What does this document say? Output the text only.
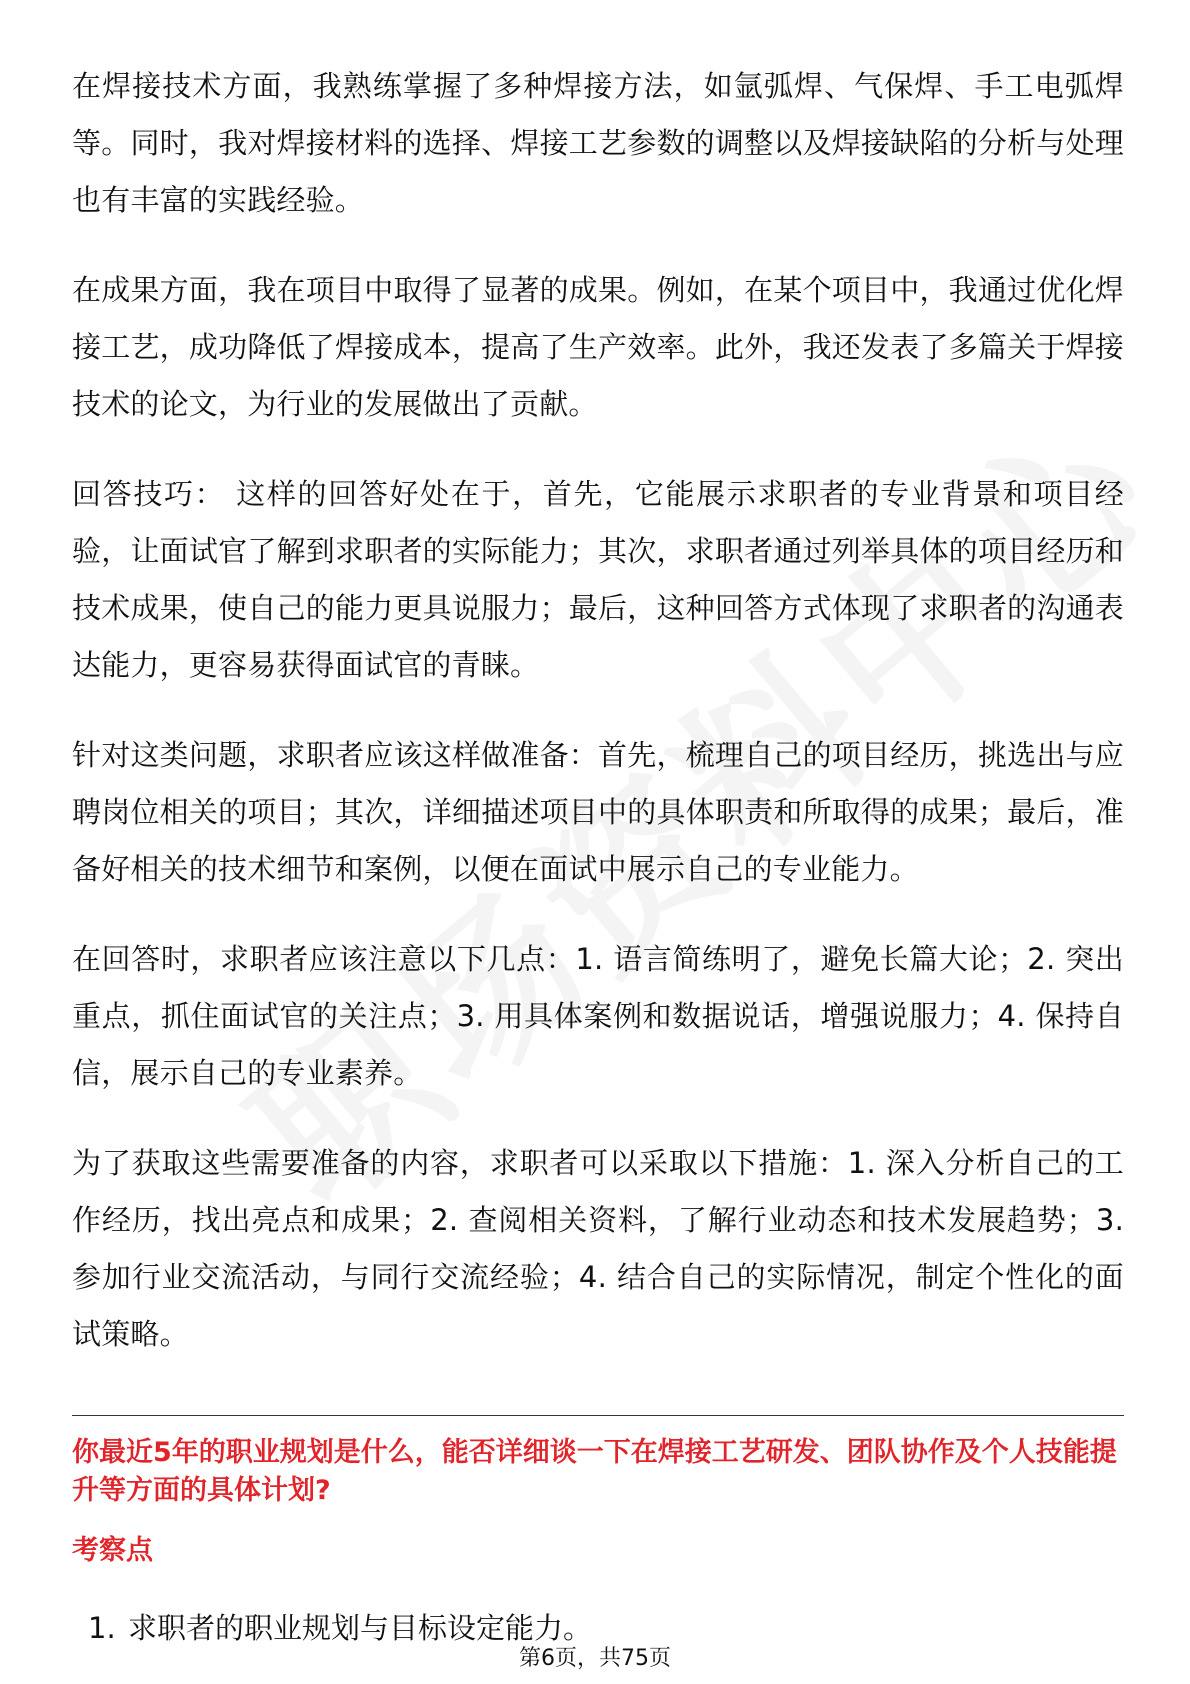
在焊接技术方面，我熟练掌握了多种焊接方法，如氩弧焊、气保焊、手工电弧焊等。同时，我对焊接材料的选择、焊接工艺参数的调整以及焊接缺陷的分析与处理也有丰富的实践经验。

在成果方面，我在项目中取得了显著的成果。例如，在某个项目中，我通过优化焊接工艺，成功降低了焊接成本，提高了生产效率。此外，我还发表了多篇关于焊接技术的论文，为行业的发展做出了贡献。

回答技巧： 这样的回答好处在于，首先，它能展示求职者的专业背景和项目经验，让面试官了解到求职者的实际能力；其次，求职者通过列举具体的项目经历和技术成果，使自己的能力更具说服力；最后，这种回答方式体现了求职者的沟通表达能力，更容易获得面试官的青睐。

针对这类问题，求职者应该这样做准备：首先，梳理自己的项目经历，挑选出与应聘岗位相关的项目；其次，详细描述项目中的具体职责和所取得的成果；最后，准备好相关的技术细节和案例，以便在面试中展示自己的专业能力。

在回答时，求职者应该注意以下几点：1. 语言简练明了，避免长篇大论；2. 突出重点，抓住面试官的关注点；3. 用具体案例和数据说话，增强说服力；4. 保持自信，展示自己的专业素养。

为了获取这些需要准备的内容，求职者可以采取以下措施：1. 深入分析自己的工作经历，找出亮点和成果；2. 查阅相关资料，了解行业动态和技术发展趋势；3. 参加行业交流活动，与同行交流经验；4. 结合自己的实际情况，制定个性化的面试策略。

你最近5年的职业规划是什么，能否详细谈一下在焊接工艺研发、团队协作及个人技能提升等方面的具体计划?
考察点
1. 求职者的职业规划与目标设定能力。
第6页，共75页
